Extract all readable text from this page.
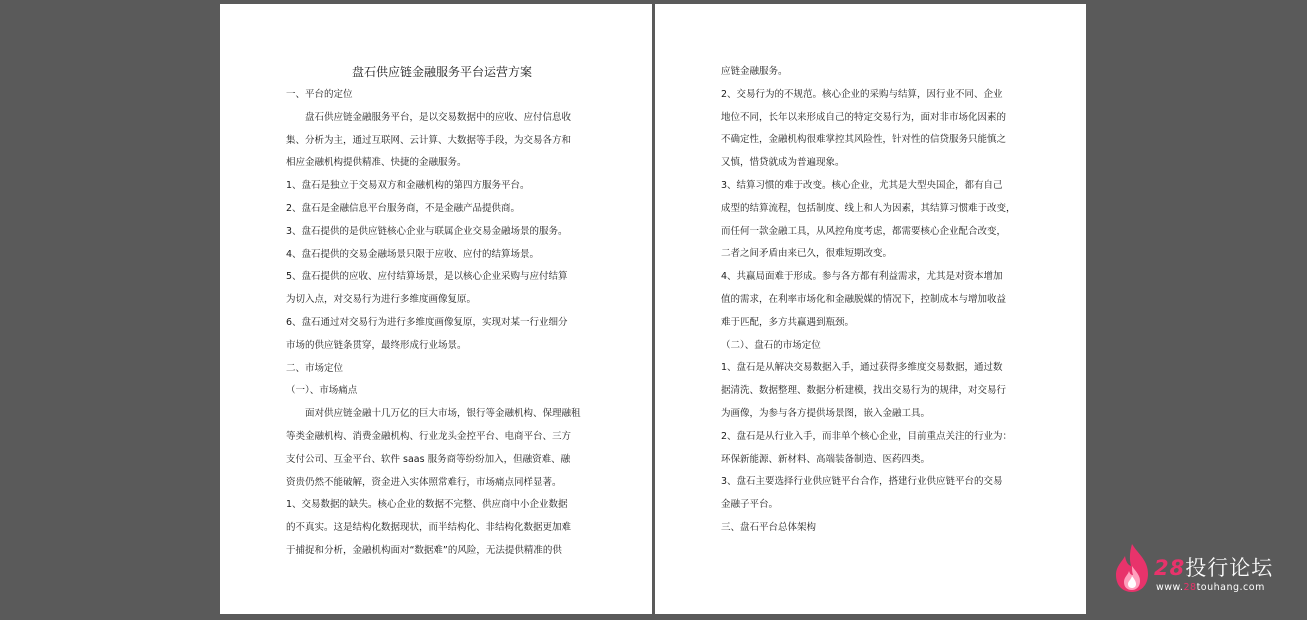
盘石供应链金融服务平台运营方案
一、平台的定位
盘石供应链金融服务平台，是以交易数据中的应收、应付信息收
集、分析为主，通过互联网、云计算、大数据等手段，为交易各方和
相应金融机构提供精准、快捷的金融服务。
1、盘石是独立于交易双方和金融机构的第四方服务平台。
2、盘石是金融信息平台服务商，不是金融产品提供商。
3、盘石提供的是供应链核心企业与联属企业交易金融场景的服务。
4、盘石提供的交易金融场景只限于应收、应付的结算场景。
5、盘石提供的应收、应付结算场景，是以核心企业采购与应付结算
为切入点，对交易行为进行多维度画像复原。
6、盘石通过对交易行为进行多维度画像复原，实现对某一行业细分
市场的供应链条贯穿，最终形成行业场景。
二、市场定位
（一）、市场痛点
面对供应链金融十几万亿的巨大市场，银行等金融机构、保理融租
等类金融机构、消费金融机构、行业龙头金控平台、电商平台、三方
支付公司、互金平台、软件 saas 服务商等纷纷加入，但融资难、融
资贵仍然不能破解，资金进入实体照常难行，市场痛点同样显著。
1、交易数据的缺失。核心企业的数据不完整、供应商中小企业数据
的不真实。这是结构化数据现状，而半结构化、非结构化数据更加难
于捕捉和分析，金融机构面对“数据难”的风险，无法提供精准的供
应链金融服务。
2、交易行为的不规范。核心企业的采购与结算，因行业不同、企业
地位不同，长年以来形成自己的特定交易行为，面对非市场化因素的
不确定性，金融机构很难掌控其风险性，针对性的信贷服务只能慎之
又慎，惜贷就成为普遍现象。
3、结算习惯的难于改变。核心企业，尤其是大型央国企，都有自己
成型的结算流程，包括制度、线上和人为因素，其结算习惯难于改变，
而任何一款金融工具，从风控角度考虑，都需要核心企业配合改变，
二者之间矛盾由来已久，很难短期改变。
4、共赢局面难于形成。参与各方都有利益需求，尤其是对资本增加
值的需求，在利率市场化和金融脱媒的情况下，控制成本与增加收益
难于匹配，多方共赢遇到瓶颈。
（二）、盘石的市场定位
1、盘石是从解决交易数据入手，通过获得多维度交易数据，通过数
据清洗、数据整理、数据分析建模，找出交易行为的规律，对交易行
为画像，为参与各方提供场景图，嵌入金融工具。
2、盘石是从行业入手，而非单个核心企业，目前重点关注的行业为：
环保新能源、新材料、高端装备制造、医药四类。
3、盘石主要选择行业供应链平台合作，搭建行业供应链平台的交易
金融子平台。
三、盘石平台总体架构
28投行论坛
www.28touhang.com
